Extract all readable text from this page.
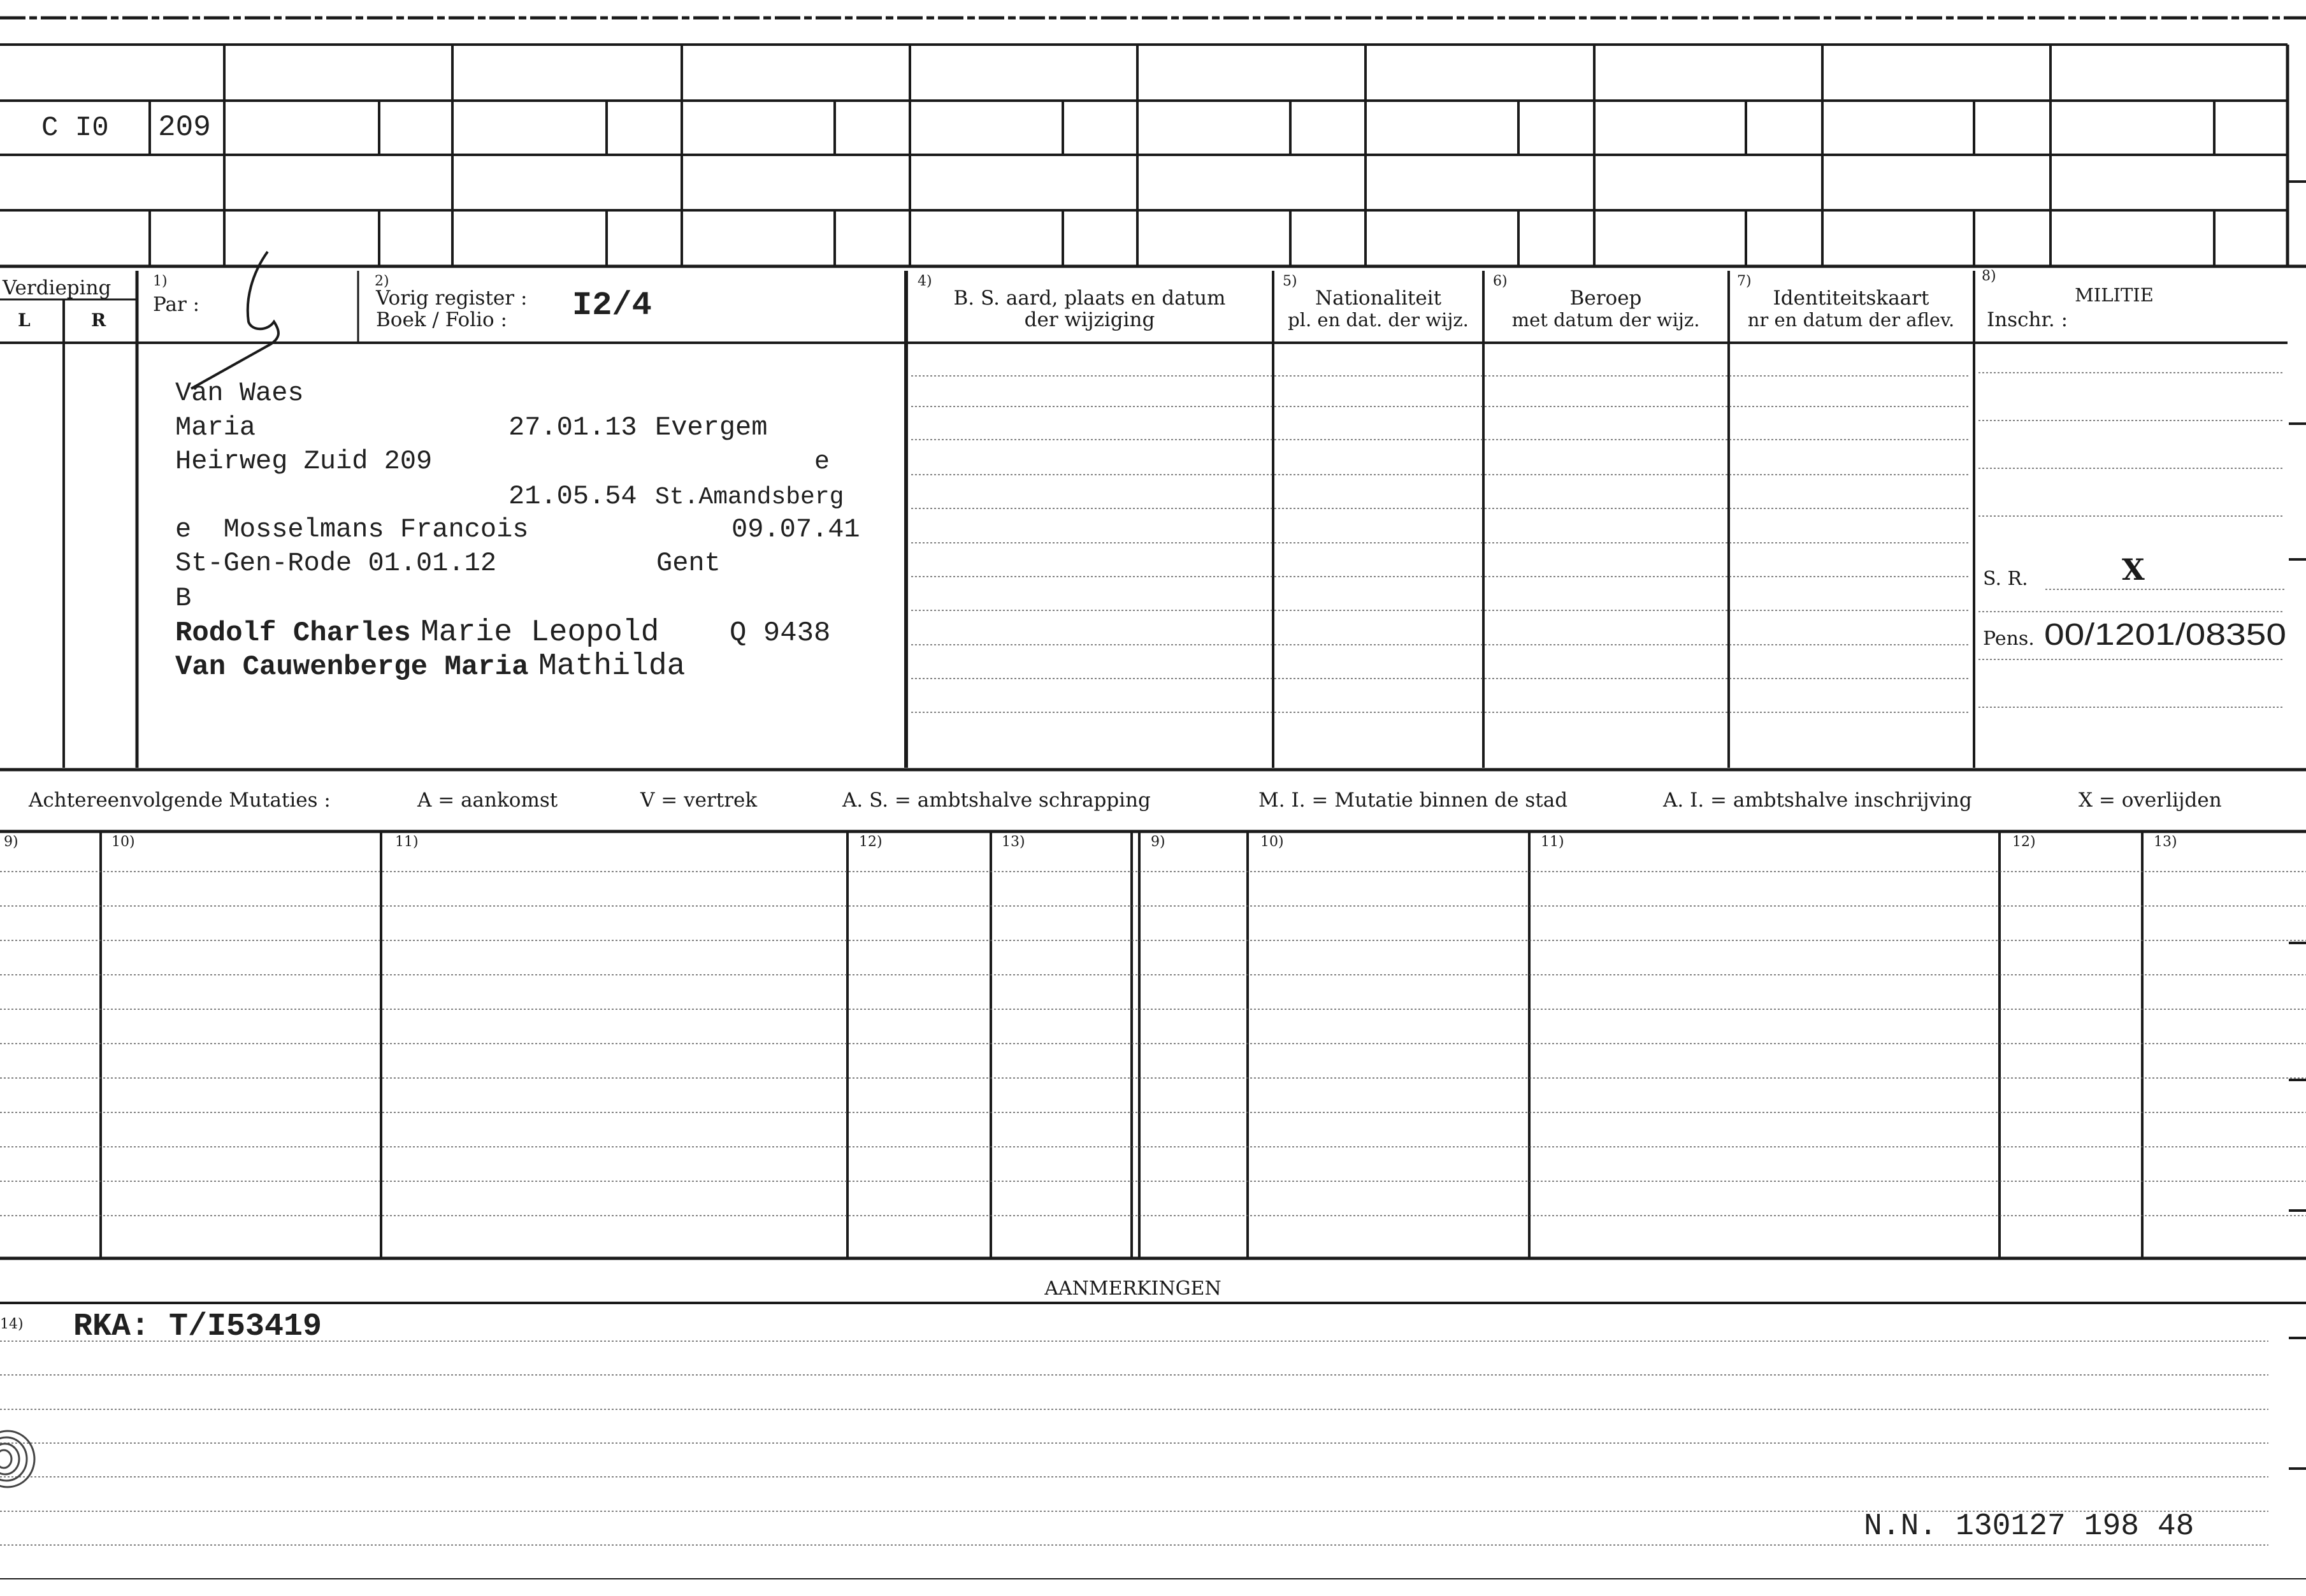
C I0 209
Verdieping
L	R
1)
Par :
2)
Vorig register :
Boek / Folio : I2/4
4)
B. S. aard, plaats en datum
der wijziging
5)
Nationaliteit
pl. en dat. der wijz.
6)
Beroep
met datum der wijz.
7)
Identiteitskaart
nr en datum der aflev.
8)
MILITIE
Inschr. :
Van Waes
Maria	27.01.13 Evergem
Heirweg Zuid 209	e
21.05.54 St.Amandsberg
e  Mosselmans Francois	09.07.41
St-Gen-Rode 01.01.12	Gent
B
Rodolf Charles Marie Leopold	Q 9438
Van Cauwenberge Maria Mathilda
S. R.	X
Pens. 00/1201/08350
Achtereenvolgende Mutaties :	A = aankomst	V = vertrek	A. S. = ambtshalve schrapping	M. I. = Mutatie binnen de stad	A. I. = ambtshalve inschrijving	X = overlijden
9)	10)	11)	12)	13)	9)	10)	11)	12)	13)
AANMERKINGEN
14) RKA: T/I53419
N.N. 130127 198 48
